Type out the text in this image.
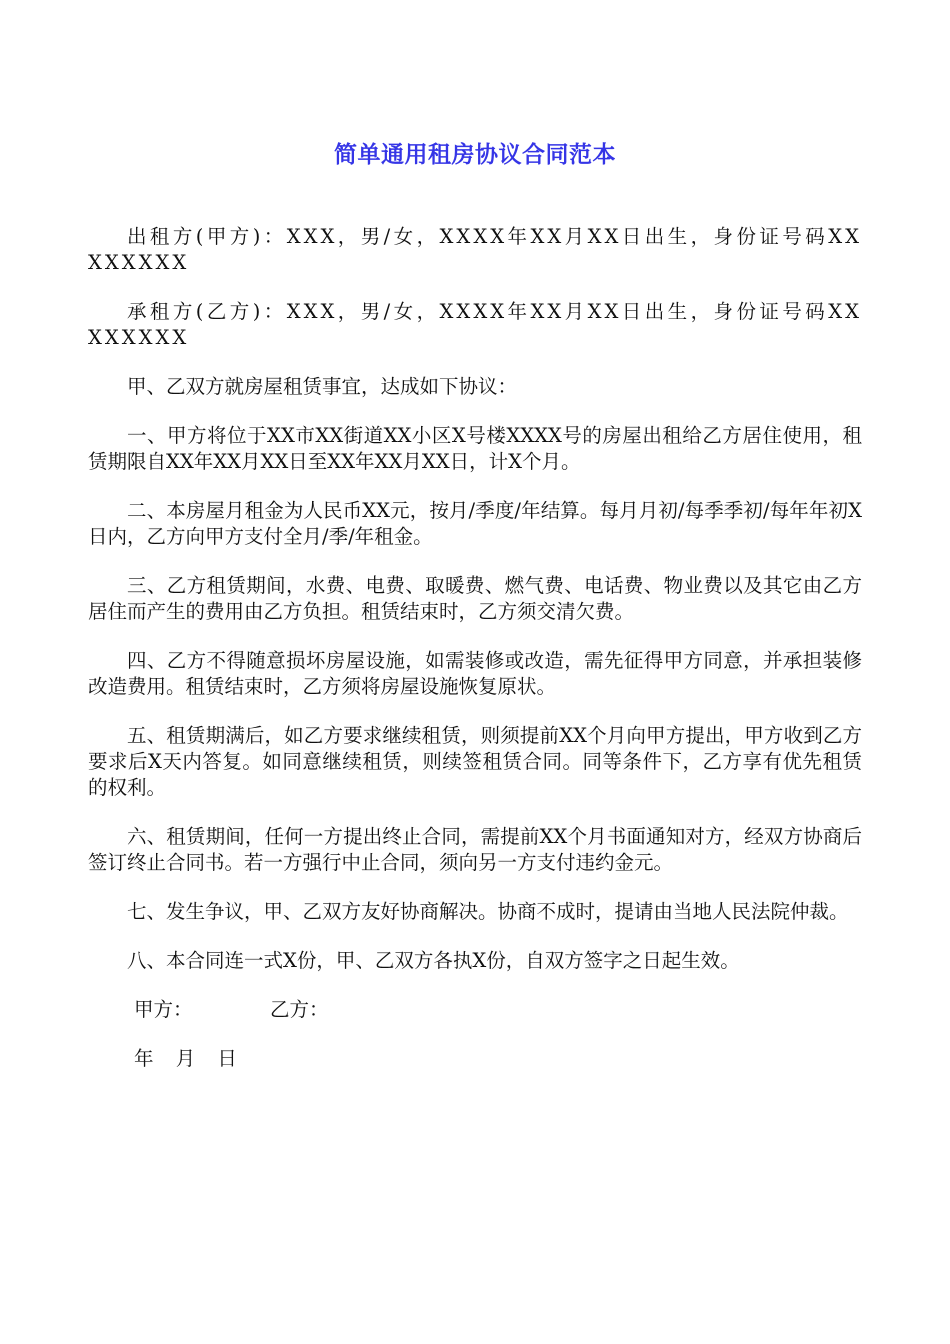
简单通用租房协议合同范本

出租方(甲方)：XXX，男/女，XXXX年XX月XX日出生，身份证号码XXXXXXXX

承租方(乙方)：XXX，男/女，XXXX年XX月XX日出生，身份证号码XXXXXXXX

甲、乙双方就房屋租赁事宜，达成如下协议：

一、甲方将位于XX市XX街道XX小区X号楼XXXX号的房屋出租给乙方居住使用，租赁期限自XX年XX月XX日至XX年XX月XX日，计X个月。

二、本房屋月租金为人民币XX元，按月/季度/年结算。每月月初/每季季初/每年年初X日内，乙方向甲方支付全月/季/年租金。

三、乙方租赁期间，水费、电费、取暖费、燃气费、电话费、物业费以及其它由乙方居住而产生的费用由乙方负担。租赁结束时，乙方须交清欠费。

四、乙方不得随意损坏房屋设施，如需装修或改造，需先征得甲方同意，并承担装修改造费用。租赁结束时，乙方须将房屋设施恢复原状。

五、租赁期满后，如乙方要求继续租赁，则须提前XX个月向甲方提出，甲方收到乙方要求后X天内答复。如同意继续租赁，则续签租赁合同。同等条件下，乙方享有优先租赁的权利。

六、租赁期间，任何一方提出终止合同，需提前XX个月书面通知对方，经双方协商后签订终止合同书。若一方强行中止合同，须向另一方支付违约金元。

七、发生争议，甲、乙双方友好协商解决。协商不成时，提请由当地人民法院仲裁。

八、本合同连一式X份，甲、乙双方各执X份，自双方签字之日起生效。

甲方：	乙方：
年 月 日
